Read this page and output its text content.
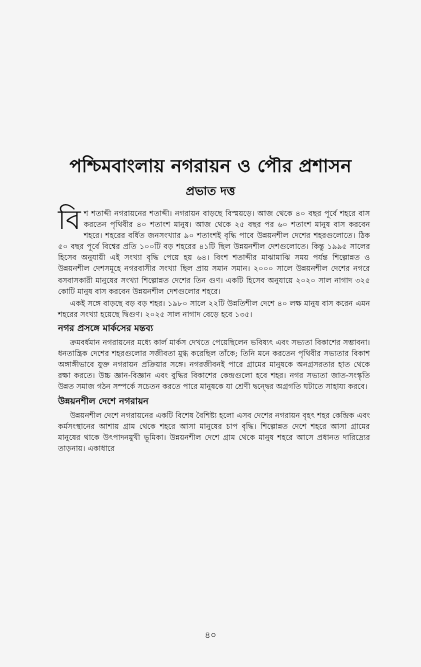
পশ্চিমবাংলায় নগরায়ন ও পৌর প্রশাসন
প্রভাত দত্ত

বিশ শতাব্দী নগরায়নের শতাব্দী। নগরায়ন বাড়ছে বিস্ময়ড়ে। আজ থেকে ৪০ বছর পূর্বে শহরে বাস করতেন পৃথিবীর ৪০ শতাংশ মানুষ। আজ থেকে ২৫ বছর পর ৬০ শতাংশ মানুষ বাস করবেন শহরে। শহরের বর্ধিত জনসংখ্যার ৯০ শতাংশই বৃদ্ধি পাবে উন্নয়নশীল দেশের শহরগুলোতে। ঠিক ৫০ বছর পূর্বে বিশ্বের প্রতি ১০০টি বড় শহরের ৪১টি ছিল উন্নয়নশীল দেশগুলোতে। কিন্তু ১৯৯৫ সালের হিসেব অনুযায়ী এই সংখ্যা বৃদ্ধি পেয়ে হয় ৬৪। বিংশ শতাব্দীর মাঝামাঝি সময় পর্যন্ত শিল্পোন্নত ও উন্নয়নশীল দেশসমূহে নগরবাসীর সংখ্যা ছিল প্রায় সমান সমান। ২০০০ সালে উন্নয়নশীল দেশের নগরে বসবাসকারী মানুষের সংখ্যা শিল্পোন্নত দেশের তিন গুণ। একটি হিসেব অনুযায়ে ২০২০ সাল নাগাদ ৩২৫ কোটি মানুষ বাস করবেন উন্নয়নশীল দেশগুলোর শহরে।

একই সঙ্গে বাড়ছে বড় বড় শহর। ১৯৮০ সালে ২২টি উন্নতিশীল দেশে ৪০ লক্ষ মানুষ বাস করেন এমন শহরের সংখ্যা হয়েছে দ্বিগুণ। ২০২৫ সাল নাগাদ বেড়ে হবে ১৩৫।

নগর প্রসঙ্গে মার্কসের মন্তব্য

ক্রমবর্ধমান নগরায়নের মধ্যে কার্ল মার্কস দেখতে পেয়েছিলেন ভবিষ্যৎ এবং সভ্যতা বিকাশের সম্ভাবনা। ধনতান্ত্রিক দেশের শহরগুলোর সজীবতা মুগ্ধ করেছিল তাঁকে; তিনি মনে করতেন পৃথিবীর সভ্যতার বিকাশ অঙ্গাঙ্গীভাবে যুক্ত নগরায়ন প্রক্রিয়ার সঙ্গে। নগরজীবনই পারে গ্রামের মানুষকে অনগ্রসরতার হাত থেকে রক্ষা করতে। উচ্চ জ্ঞান-বিজ্ঞান এবং বুদ্ধির বিকাশের কেন্দ্রগুলো হবে শহর। নগর সভ্যতা জাত-সংস্কৃতি উন্নত সমাজ গঠন সম্পর্কে সচেতন করতে পারে মানুষকে যা শ্রেণী দ্বন্দ্বের অগ্রগতি ঘটাতে সাহায্য করবে।

উন্নয়নশীল দেশে নগরায়ন

উন্নয়নশীল দেশে নগরায়নের একটি বিশেষ বৈশিষ্ট্য হলো এসব দেশের নগরায়ন বৃহৎ শহর কেন্দ্রিক এবং কর্মসংস্থানের আশায় গ্রাম থেকে শহরে আসা মানুষের চাপ বৃদ্ধি। শিল্পোন্নত দেশে শহরে আসা গ্রামের মানুষের থাকে উৎপাদনমুখী ভূমিকা। উন্নয়নশীল দেশে গ্রাম থেকে মানুষ শহরে আসে প্রধানত দারিদ্র্যের তাড়নায়। একাধারে

৪০
